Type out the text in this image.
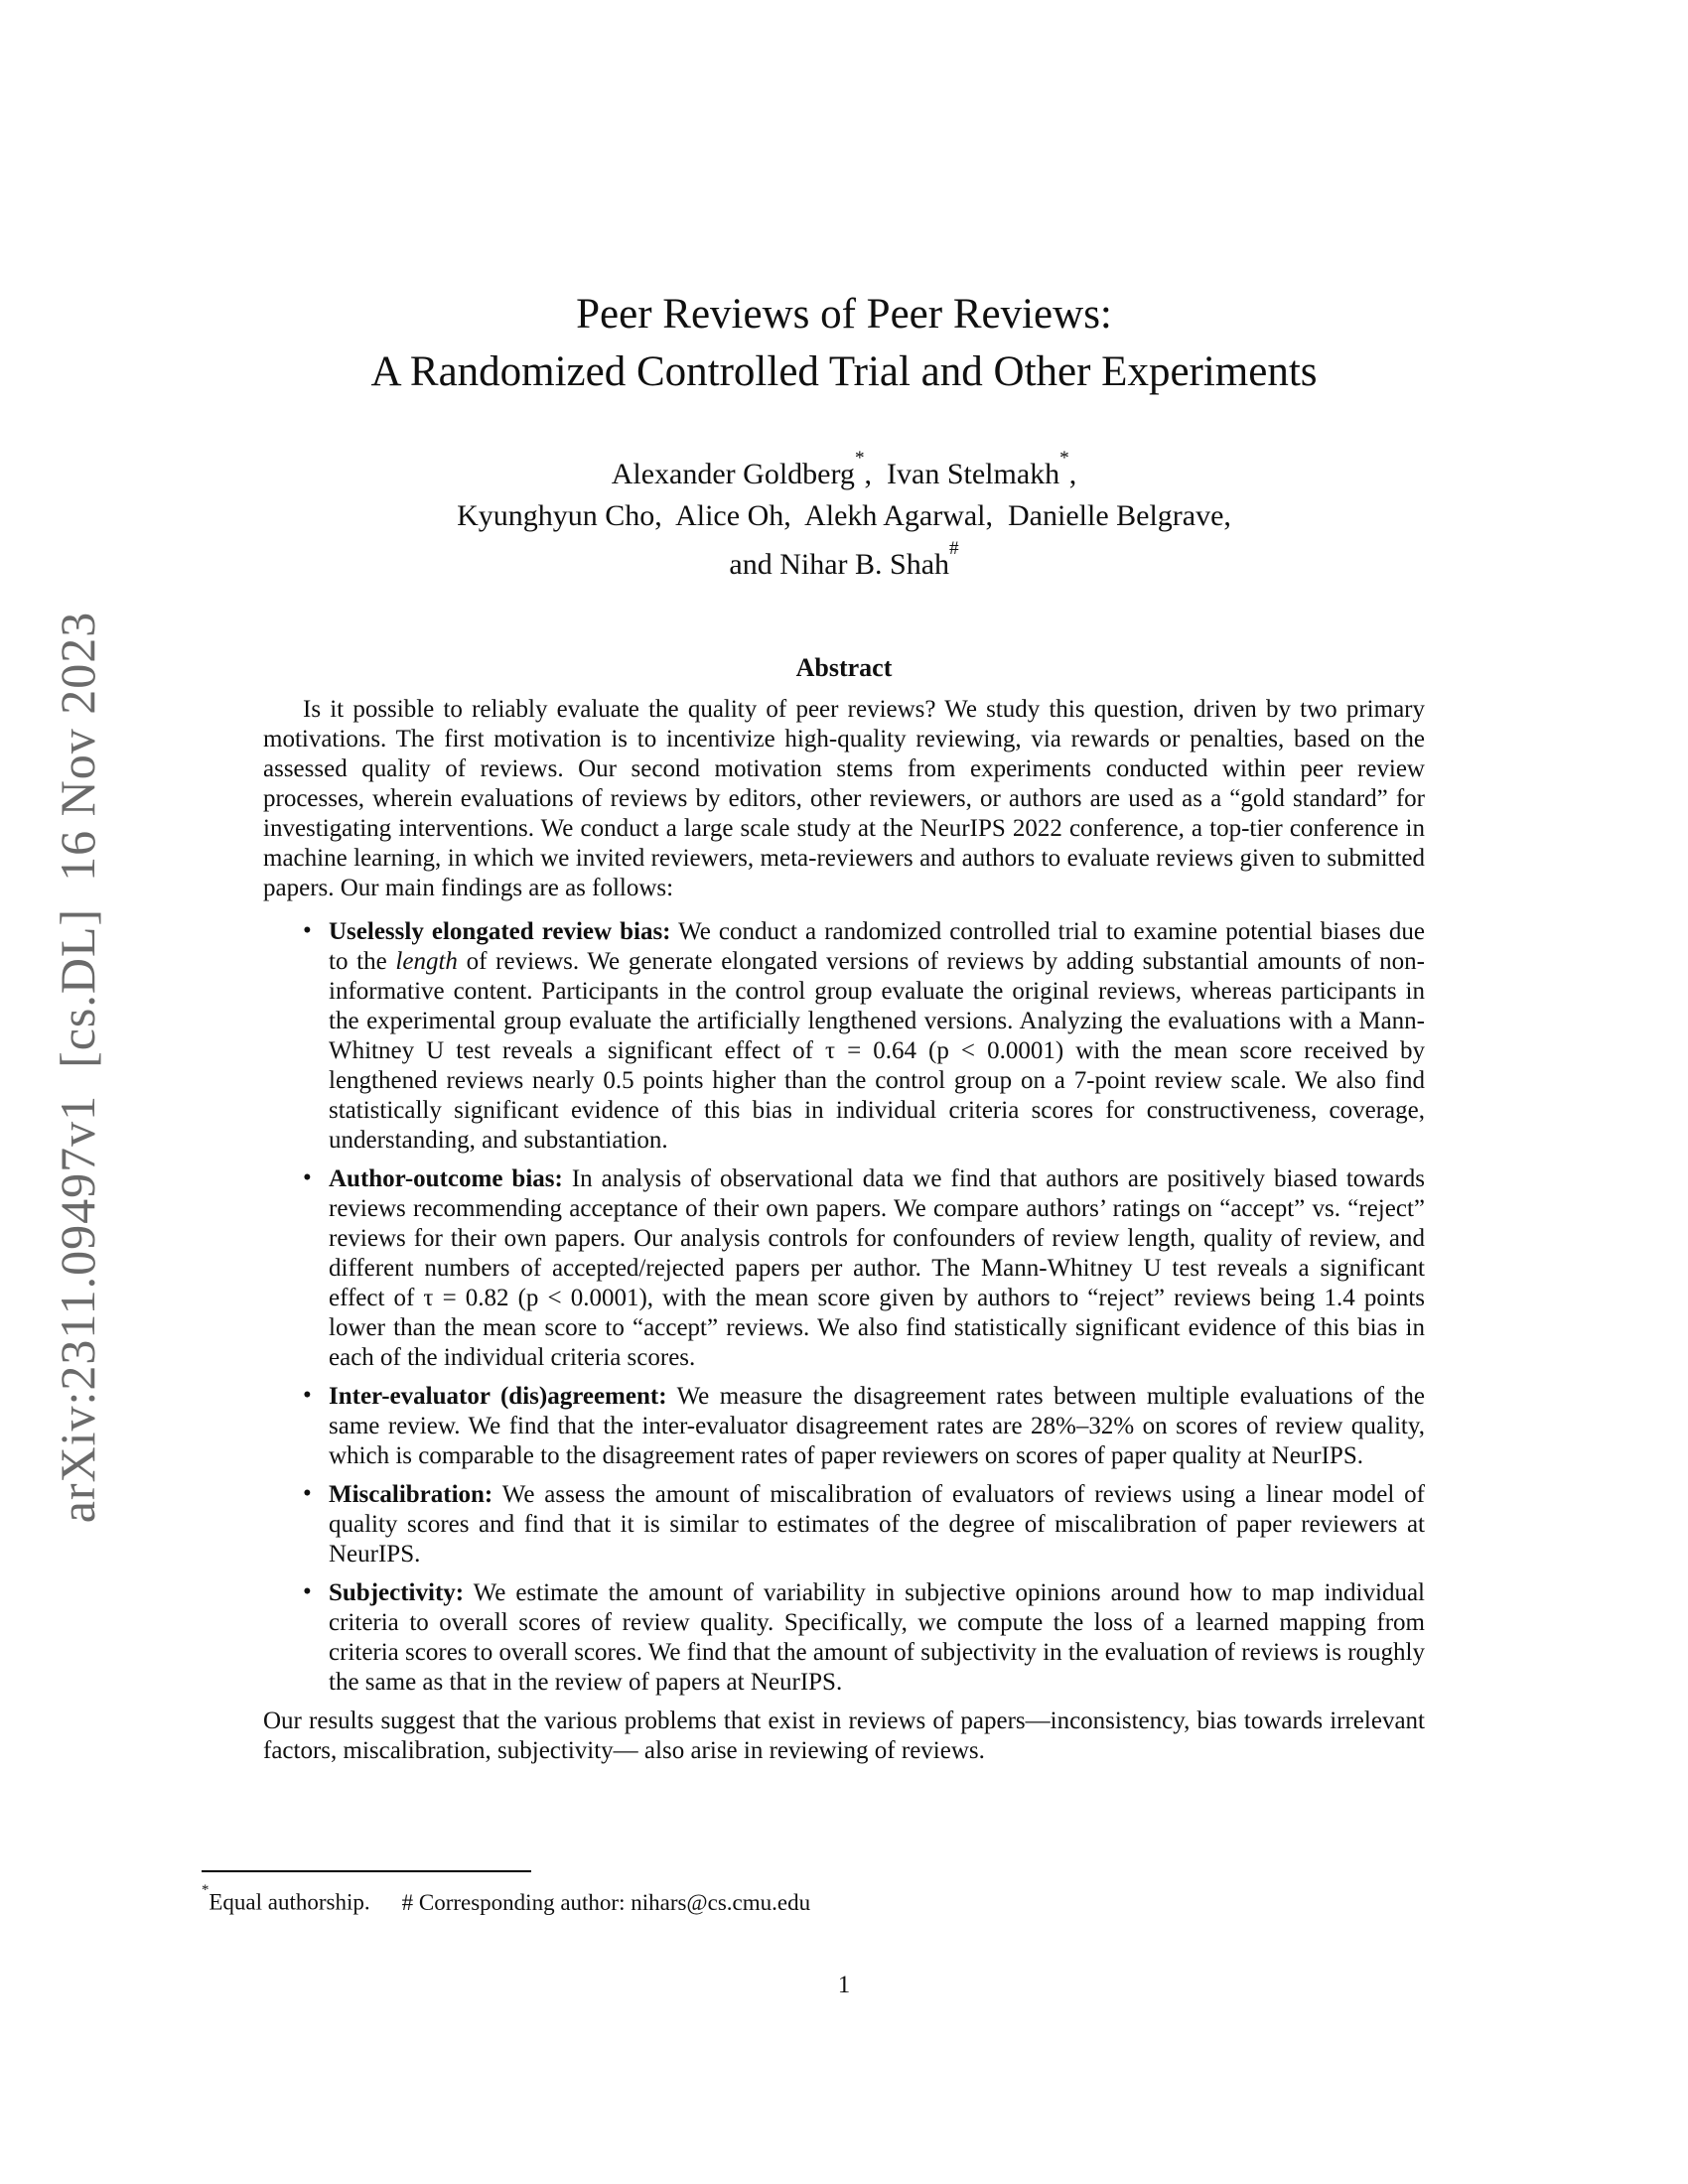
arXiv:2311.09497v1  [cs.DL]  16 Nov 2023
Peer Reviews of Peer Reviews:
A Randomized Controlled Trial and Other Experiments
Alexander Goldberg*,  Ivan Stelmakh*,
Kyunghyun Cho,  Alice Oh,  Alekh Agarwal,  Danielle Belgrave,
and Nihar B. Shah#
Abstract

Is it possible to reliably evaluate the quality of peer reviews? We study this question, driven by two primary motivations. The first motivation is to incentivize high-quality reviewing, via rewards or penalties, based on the assessed quality of reviews. Our second motivation stems from experiments conducted within peer review processes, wherein evaluations of reviews by editors, other reviewers, or authors are used as a “gold standard” for investigating interventions. We conduct a large scale study at the NeurIPS 2022 conference, a top-tier conference in machine learning, in which we invited reviewers, meta-reviewers and authors to evaluate reviews given to submitted papers. Our main findings are as follows:

• Uselessly elongated review bias: We conduct a randomized controlled trial to examine potential biases due to the length of reviews. We generate elongated versions of reviews by adding substantial amounts of non-informative content. Participants in the control group evaluate the original reviews, whereas participants in the experimental group evaluate the artificially lengthened versions. Analyzing the evaluations with a Mann-Whitney U test reveals a significant effect of τ = 0.64 (p < 0.0001) with the mean score received by lengthened reviews nearly 0.5 points higher than the control group on a 7-point review scale. We also find statistically significant evidence of this bias in individual criteria scores for constructiveness, coverage, understanding, and substantiation.
• Author-outcome bias: In analysis of observational data we find that authors are positively biased towards reviews recommending acceptance of their own papers. We compare authors’ ratings on “accept” vs. “reject” reviews for their own papers. Our analysis controls for confounders of review length, quality of review, and different numbers of accepted/rejected papers per author. The Mann-Whitney U test reveals a significant effect of τ = 0.82 (p < 0.0001), with the mean score given by authors to “reject” reviews being 1.4 points lower than the mean score to “accept” reviews. We also find statistically significant evidence of this bias in each of the individual criteria scores.
• Inter-evaluator (dis)agreement: We measure the disagreement rates between multiple evaluations of the same review. We find that the inter-evaluator disagreement rates are 28%–32% on scores of review quality, which is comparable to the disagreement rates of paper reviewers on scores of paper quality at NeurIPS.
• Miscalibration: We assess the amount of miscalibration of evaluators of reviews using a linear model of quality scores and find that it is similar to estimates of the degree of miscalibration of paper reviewers at NeurIPS.
• Subjectivity: We estimate the amount of variability in subjective opinions around how to map individual criteria to overall scores of review quality. Specifically, we compute the loss of a learned mapping from criteria scores to overall scores. We find that the amount of subjectivity in the evaluation of reviews is roughly the same as that in the review of papers at NeurIPS.

Our results suggest that the various problems that exist in reviews of papers—inconsistency, bias towards irrelevant factors, miscalibration, subjectivity— also arise in reviewing of reviews.

*Equal authorship. # Corresponding author: nihars@cs.cmu.edu

1
